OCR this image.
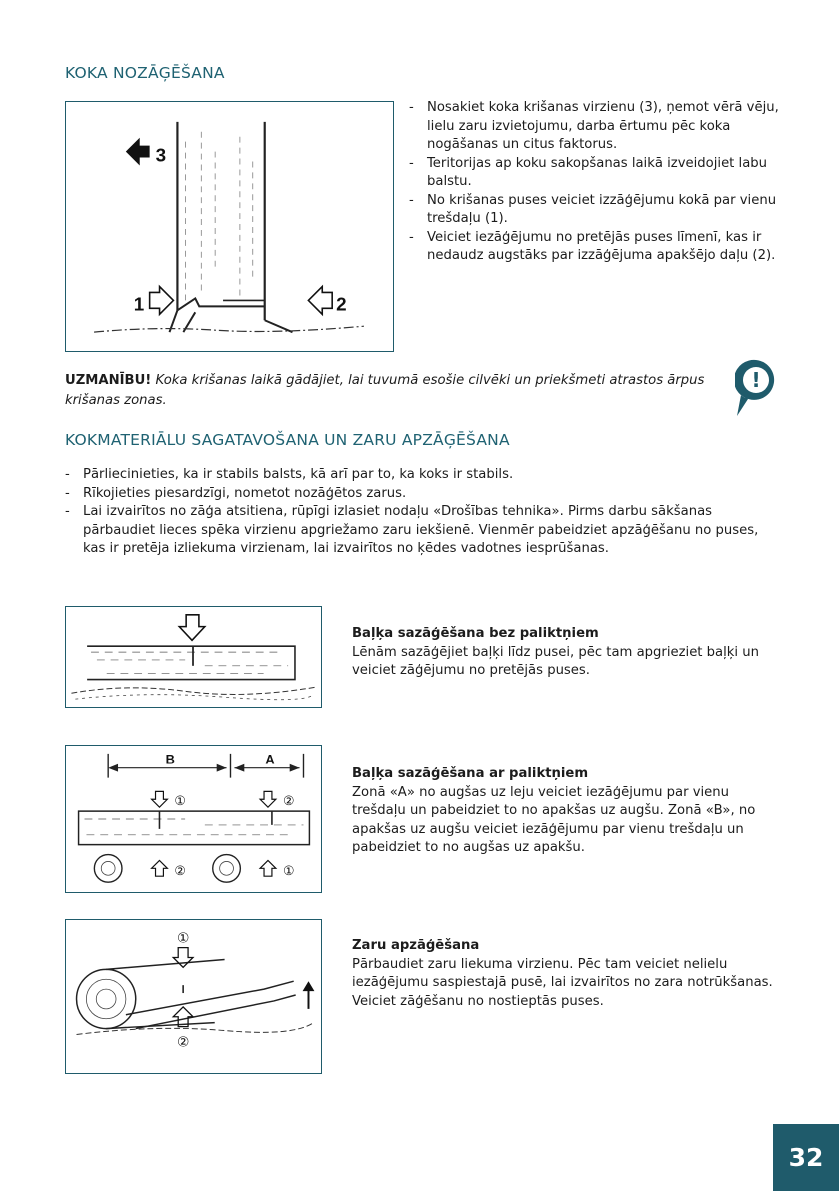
KOKA NOZĀĢĒŠANA
3
1	2
- Nosakiet koka krišanas virzienu (3), ņemot vērā vēju, lielu zaru izvietojumu, darba ērtumu pēc koka nogāšanas un citus faktorus.
- Teritorijas ap koku sakopšanas laikā izveidojiet labu balstu.
- No krišanas puses veiciet izzāģējumu kokā par vienu trešdaļu (1).
- Veiciet iezāģējumu no pretējās puses līmenī, kas ir nedaudz augstāks par izzāģējuma apakšējo daļu (2).
UZMANĪBU! Koka krišanas laikā gādājiet, lai tuvumā esošie cilvēki un priekšmeti atrastos ārpus krišanas zonas.
!
KOKMATERIĀLU SAGATAVOŠANA UN ZARU APZĀĢĒŠANA
- Pārliecinieties, ka ir stabils balsts, kā arī par to, ka koks ir stabils.
- Rīkojieties piesardzīgi, nometot nozāģētos zarus.
- Lai izvairītos no zāģa atsitiena, rūpīgi izlasiet nodaļu «Drošības tehnika». Pirms darbu sākšanas pārbaudiet lieces spēka virzienu apgriežamo zaru iekšienē. Vienmēr pabeidziet apzāģēšanu no puses, kas ir pretēja izliekuma virzienam, lai izvairītos no ķēdes vadotnes iesprūšanas.
Baļķa sazāģēšana bez paliktņiem
Lēnām sazāģējiet baļķi līdz pusei, pēc tam apgrieziet baļķi un veiciet zāģējumu no pretējās puses.
B	A
①	②
②	①
Baļķa sazāģēšana ar paliktņiem
Zonā «A» no augšas uz leju veiciet iezāģējumu par vienu trešdaļu un pabeidziet to no apakšas uz augšu. Zonā «B», no apakšas uz augšu veiciet iezāģējumu par vienu trešdaļu un pabeidziet to no augšas uz apakšu.
①
②
Zaru apzāģēšana
Pārbaudiet zaru liekuma virzienu. Pēc tam veiciet nelielu iezāģējumu saspiestajā pusē, lai izvairītos no zara notrūkšanas. Veiciet zāģēšanu no nostieptās puses.
32
